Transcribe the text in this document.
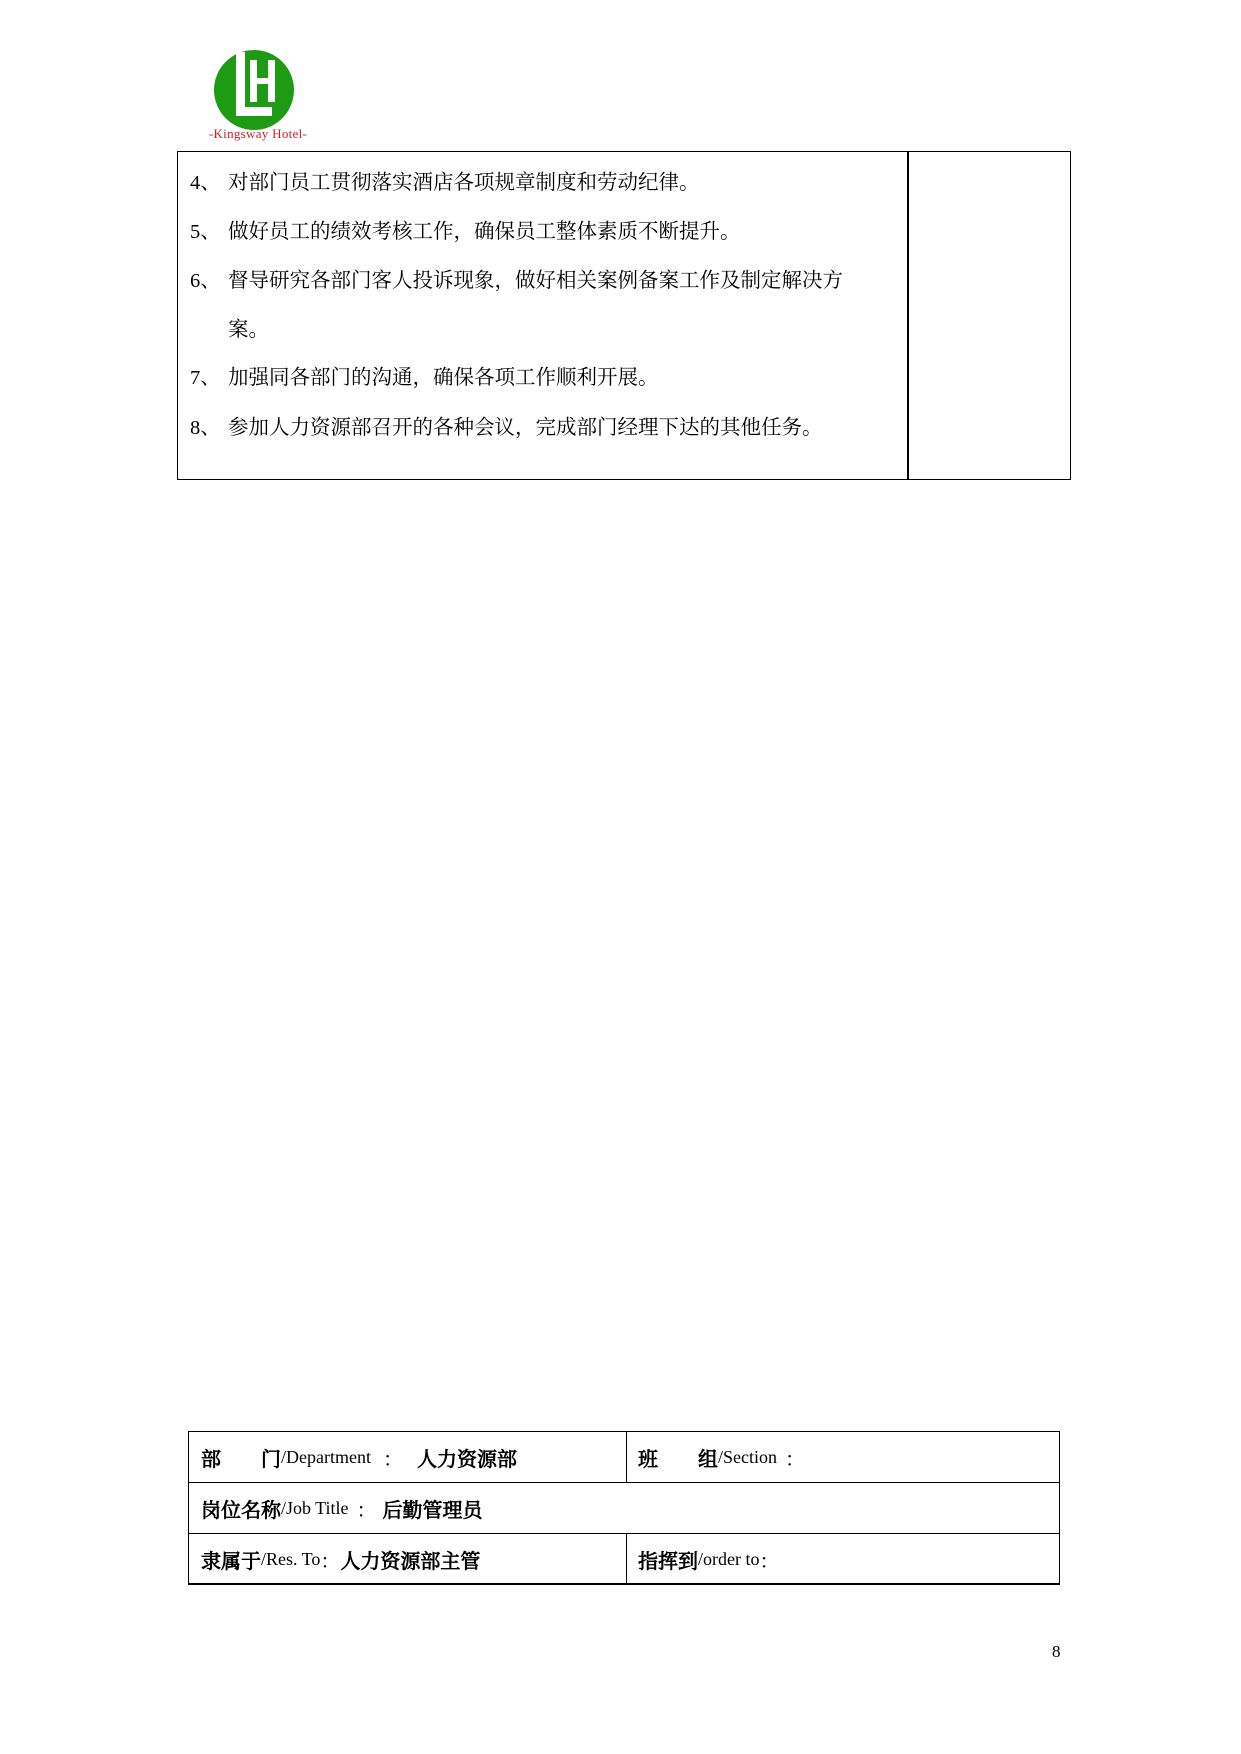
-Kingsway Hotel-
4、 对部门员工贯彻落实酒店各项规章制度和劳动纪律。
5、 做好员工的绩效考核工作，确保员工整体素质不断提升。
6、 督导研究各部门客人投诉现象，做好相关案例备案工作及制定解决方
案。
7、 加强同各部门的沟通，确保各项工作顺利开展。
8、 参加人力资源部召开的各种会议，完成部门经理下达的其他任务。
部　　门 /Department ： 人力资源部	班　　组 /Section ：
岗位名称 /Job Title ： 后勤管理员
隶属于 /Res. To ： 人力资源部主管	指挥到 /order to ：
8
